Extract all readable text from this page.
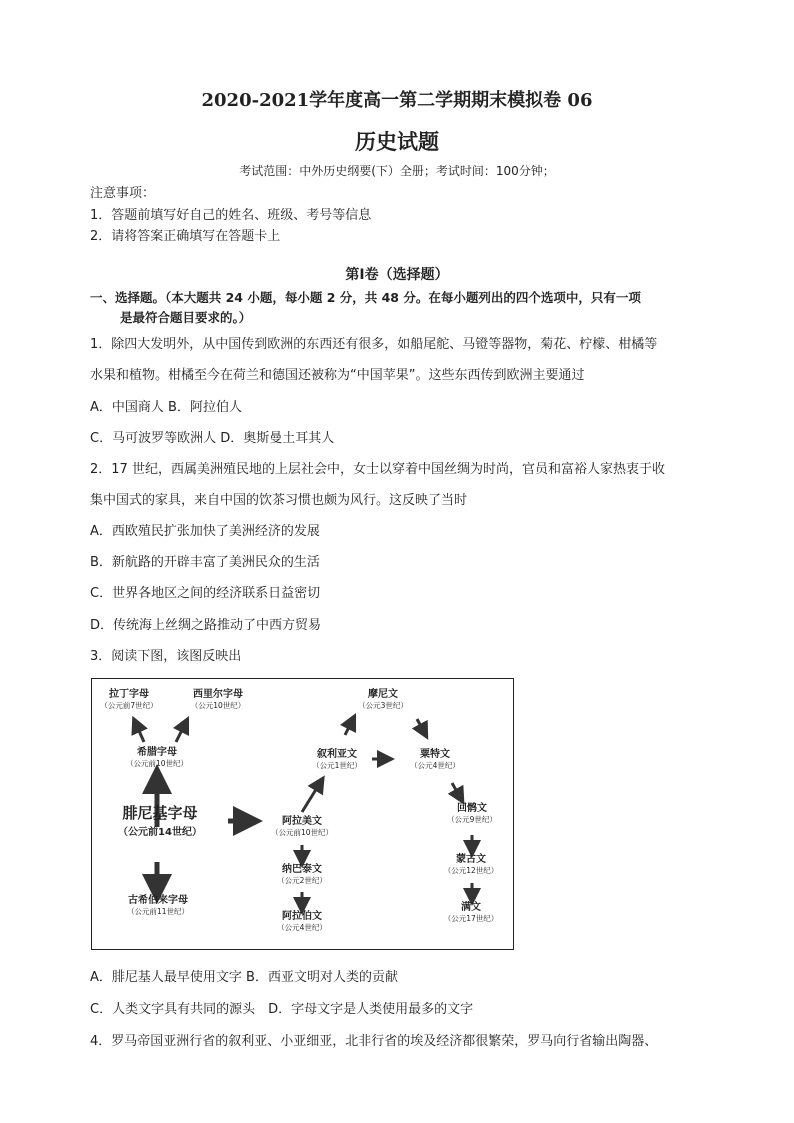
2020-2021学年度高一第二学期期末模拟卷 06
历史试题
考试范围：中外历史纲要(下）全册；考试时间：100分钟；
注意事项：
1．答题前填写好自己的姓名、班级、考号等信息
2．请将答案正确填写在答题卡上
第I卷（选择题）
一、选择题。（本大题共 24 小题，每小题 2 分，共 48 分。在每小题列出的四个选项中，只有一项
是最符合题目要求的。）
1．除四大发明外，从中国传到欧洲的东西还有很多，如船尾舵、马镫等器物，菊花、柠檬、柑橘等
水果和植物。柑橘至今在荷兰和德国还被称为“中国苹果”。这些东西传到欧洲主要通过
A．中国商人 B．阿拉伯人
C．马可波罗等欧洲人 D．奥斯曼土耳其人
2．17 世纪，西属美洲殖民地的上层社会中，女士以穿着中国丝绸为时尚，官员和富裕人家热衷于收
集中国式的家具，来自中国的饮茶习惯也颇为风行。这反映了当时
A．西欧殖民扩张加快了美洲经济的发展
B．新航路的开辟丰富了美洲民众的生活
C．世界各地区之间的经济联系日益密切
D．传统海上丝绸之路推动了中西方贸易
3．阅读下图，该图反映出
拉丁字母
（公元前7世纪）
西里尔字母
（公元10世纪）
希腊字母
（公元前10世纪）
腓尼基字母
（公元前14世纪）
古希伯来字母
（公元前11世纪）
阿拉美文
（公元前10世纪）
纳巴泰文
（公元2世纪）
阿拉伯文
（公元4世纪）
叙利亚文
（公元1世纪）
摩尼文
（公元3世纪）
粟特文
（公元4世纪）
回鹘文
（公元9世纪）
蒙古文
（公元12世纪）
满文
（公元17世纪）
A．腓尼基人最早使用文字 B．西亚文明对人类的贡献
C．人类文字具有共同的源头　D．字母文字是人类使用最多的文字
4．罗马帝国亚洲行省的叙利亚、小亚细亚，北非行省的埃及经济都很繁荣，罗马向行省输出陶器、
